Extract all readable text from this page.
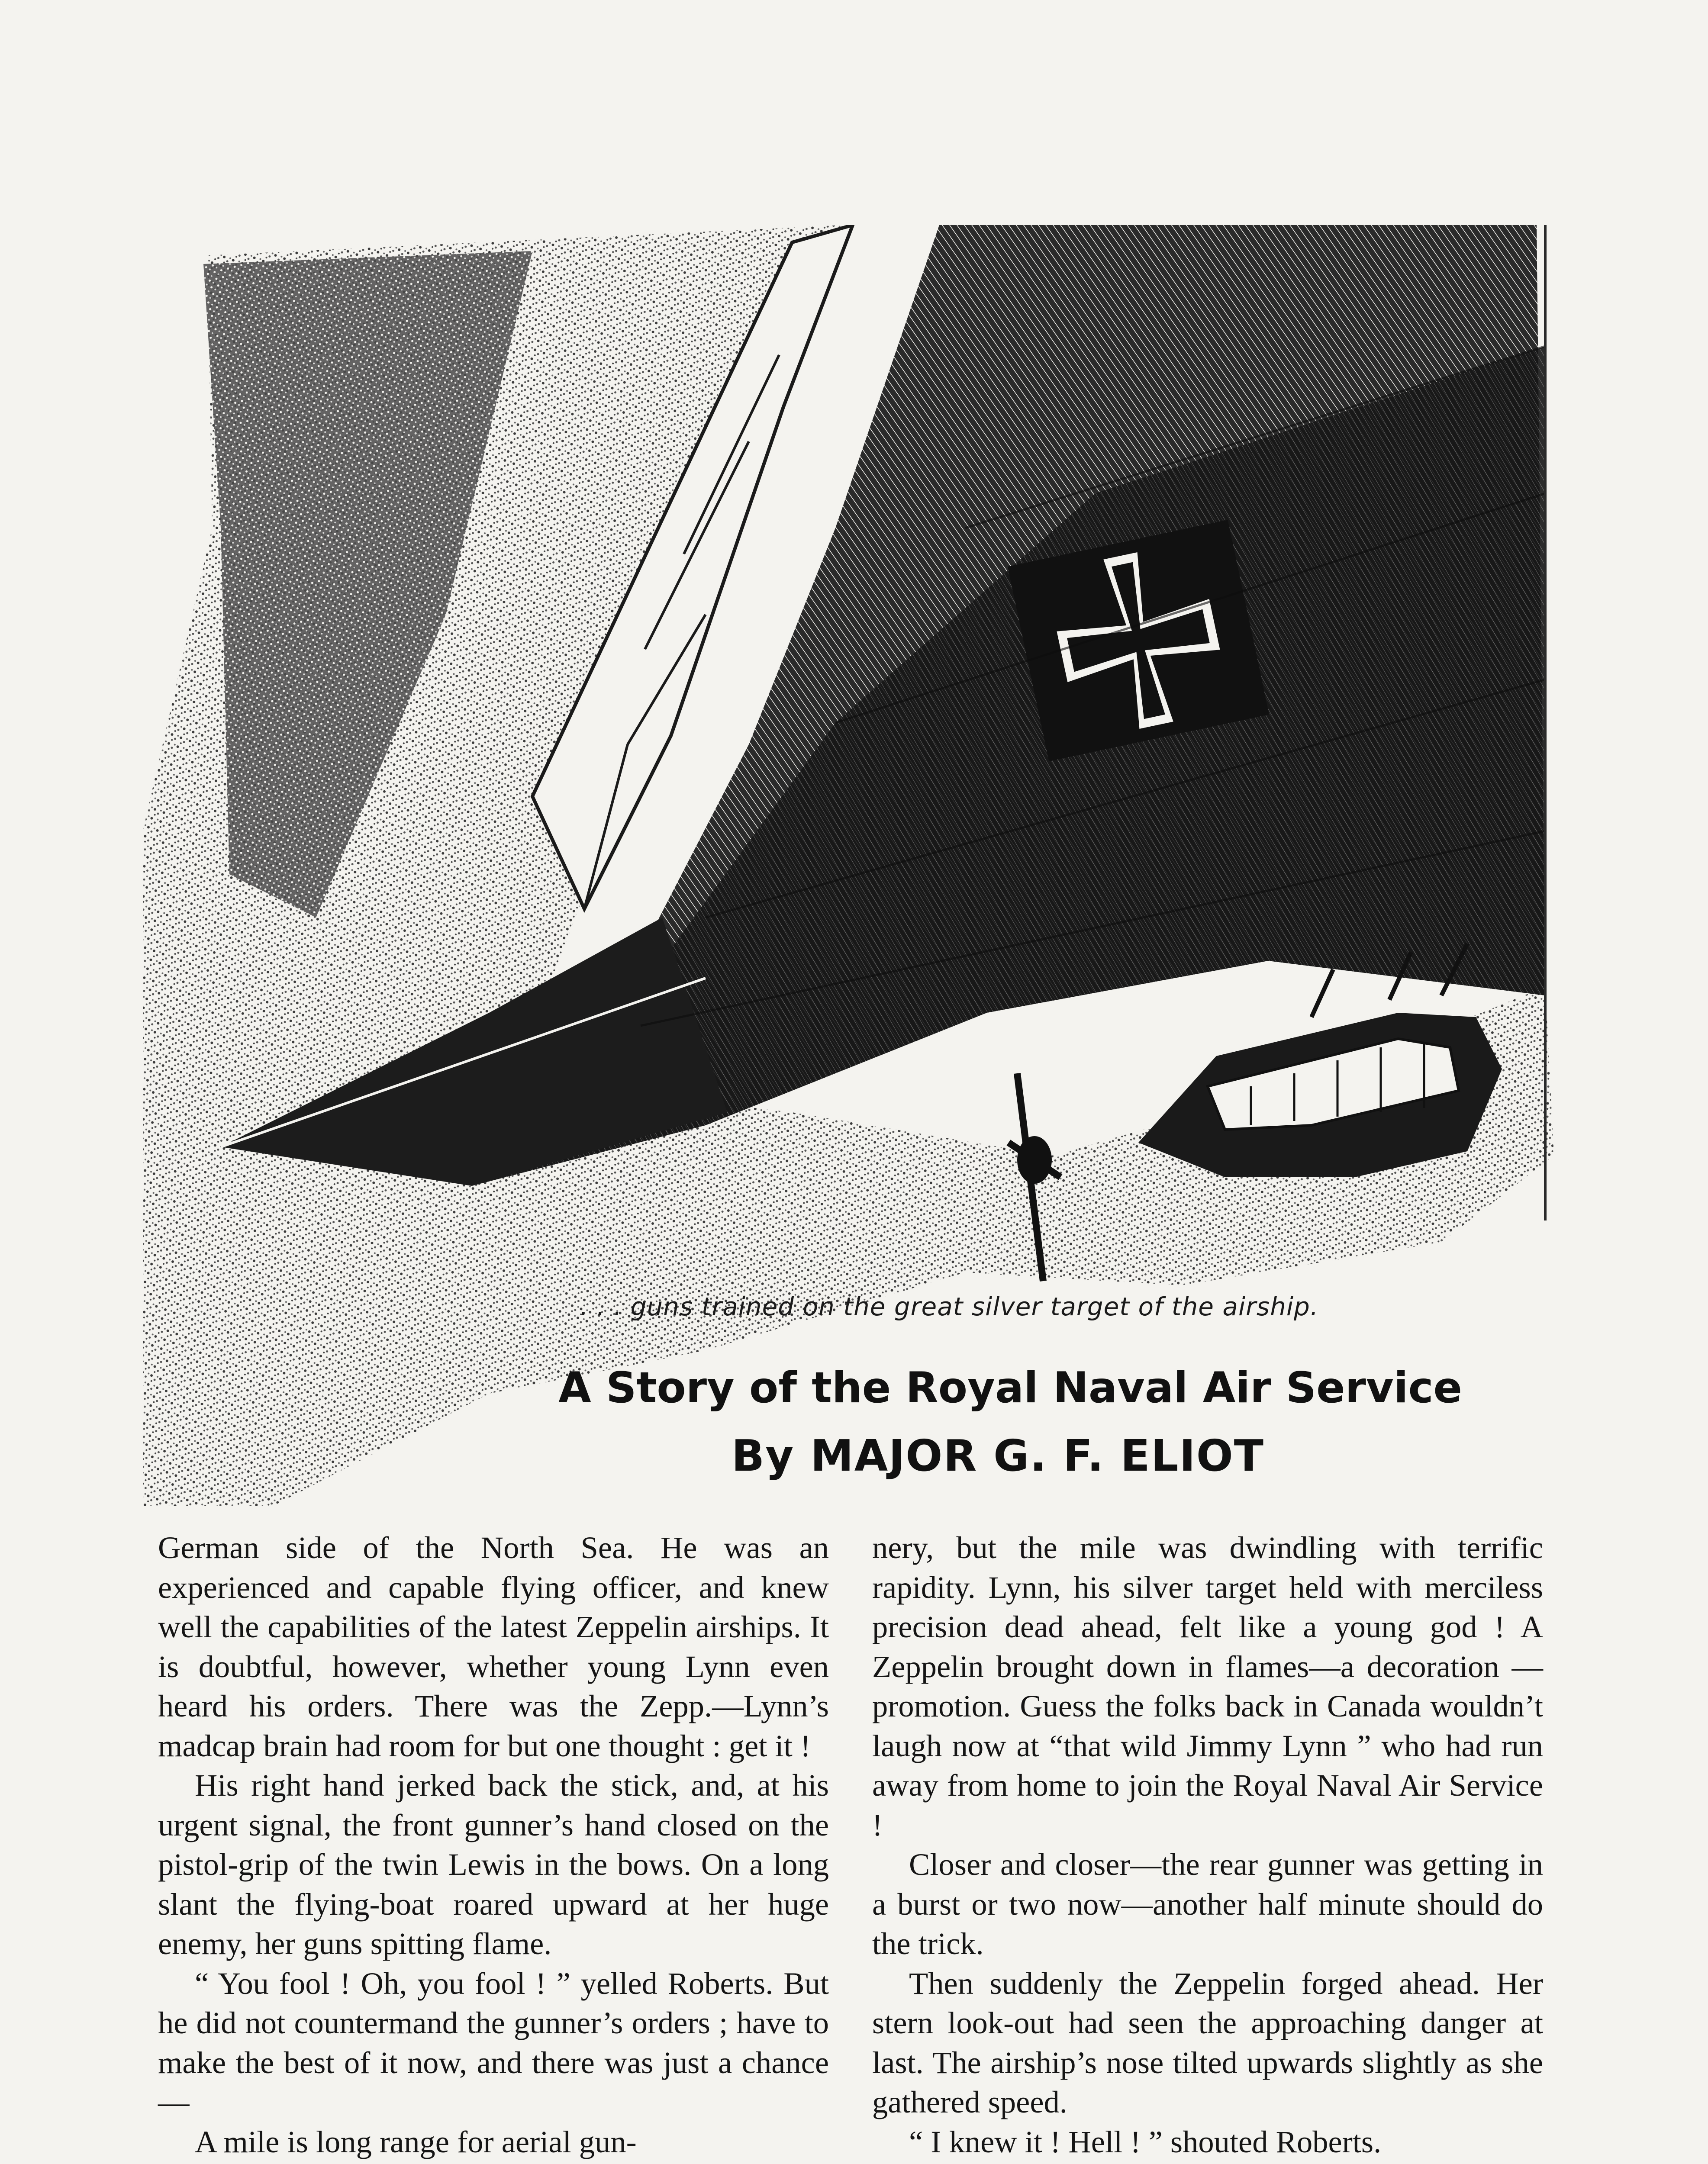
. . . guns trained on the great silver target of the airship.
A Story of the Royal Naval Air Service
By MAJOR G. F. ELIOT

German side of the North Sea. He was an experienced and capable flying officer, and knew well the capabilities of the latest Zeppelin airships. It is doubtful, however, whether young Lynn even heard his orders. There was the Zepp.—Lynn’s madcap brain had room for but one thought : get it !

His right hand jerked back the stick, and, at his urgent signal, the front gunner’s hand closed on the pistol-grip of the twin Lewis in the bows. On a long slant the flying-boat roared upward at her huge enemy, her guns spitting flame.

“ You fool ! Oh, you fool ! ” yelled Roberts. But he did not countermand the gunner’s orders ; have to make the best of it now, and there was just a chance—

A mile is long range for aerial gun-

nery, but the mile was dwindling with terrific rapidity. Lynn, his silver target held with merciless precision dead ahead, felt like a young god ! A Zeppelin brought down in flames—a decoration —promotion. Guess the folks back in Canada wouldn’t laugh now at “that wild Jimmy Lynn ” who had run away from home to join the Royal Naval Air Service !

Closer and closer—the rear gunner was getting in a burst or two now—another half minute should do the trick.

Then suddenly the Zeppelin forged ahead. Her stern look-out had seen the approaching danger at last. The airship’s nose tilted upwards slightly as she gathered speed.

“ I knew it ! Hell ! ” shouted Roberts.
